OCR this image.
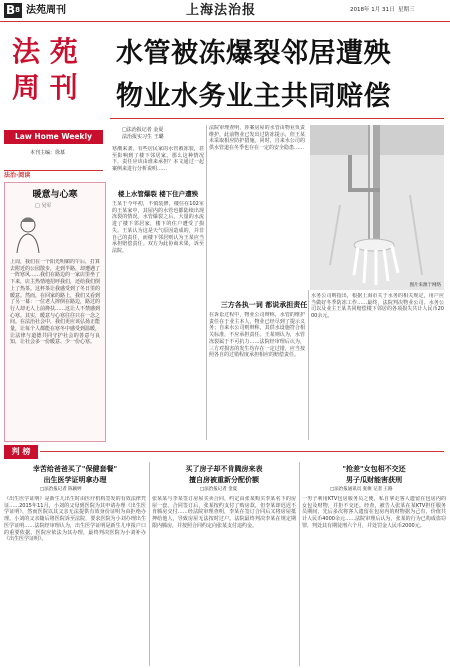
B8 法苑周刊	上海法治报	2018年 1月 31日 星期三
法 苑
周 刊
Law Home Weekly
本刊主编：徐慕
水管被冻爆裂邻居遭殃
物业水务业主共同赔偿
法治·阅读
暖意与心寒
□ 吴军
上周，我们在一个阳光明媚的午后，打算去附近的公园散步，走到半路，却遭遇了一阵寒风……我们在路边的一家店里坐了下来，店主热情地招呼我们，还给我们倒上了热茶。这杯茶让我感受到了冬日里的暖意。然而，在回家的路上，我们又看到了另一幕：一位老人摔倒在路边，路过的行人却无人上前搀扶……这让人不禁感到心寒。其实，暖意与心寒往往只在一念之间。在法治社会中，我们更应该弘扬正能量，让每个人都能在寒冬中感受到温暖，让法律与道德共同守护社会的善意与良知，让社会多一份暖意、少一份心寒。
图片来源于网络
□法治报记者 金夏
法治报实习生 王璐
寒潮来袭，有些居民家的水管被冻裂，甚至影响到了楼下邻居家。那么这种情况下，责任应该由谁来承担？本文通过一起案例来进行分析说明……
楼上水管爆裂 楼下住户遭殃
王某于今年初，不慎装修，楼住在102室的王某家中，其屋内的水管也都陆续出现冻裂的情况。水管爆裂之后，大量的水流进了楼下邻居家，楼下的住户遭受了损失。王某认为这是天气原因造成的，并非自己的责任，而楼下邻居则认为王某应当承担赔偿责任。双方为此协商未果，诉至法院。
法院审理查明，涉案房屋的水管由物业负责维护，此前物业已发出过防冻提示，但王某未采取相应防护措施。同时，自来水公司的供水管道在冬季也存在一定的安全隐患……
三方各执一词 都说承担责任
在诉讼过程中，物业公司辩称，水管的维护责任在于业主本人，物业已经尽到了提示义务；自来水公司则辩称，其供水设施符合相关标准，不应承担责任。王某则认为，水管冻裂属于不可抗力……法院经审理后认为，三方对损害的发生均存在一定过错，应当按照各自的过错程度承担相应的赔偿责任。
水务公司则指出，根据上海市关于水务的相关规定，用户应当做好冬季防冻工作……最终，法院判决物业公司、水务公司以及业主王某共同赔偿楼下邻居的各项损失共计人民币2000余元。
判 榜
幸苦给爸爸买了"保健套餐"
出生医学证明拿办理
□法治报记者 陈颖婷
《出生医学证明》是新生儿出生时由医疗机构签发的有效法律凭证……2015年11月，小刘的父母到医院为其申请办理《出生医学证明》，然而医院以其父亲无法提供有效身份证明为由拒绝办理。小刘的父亲随后将医院诉至法院，要求医院为小刘办理出生医学证明……法院经审理认为，出生医学证明是新生儿申报户口的重要依据，医院应依法为其办理，最终判决医院为小刘补办《出生医学证明》。
买了房子却不肯腾房来表
擅自房被重新分配价额
□法治报记者 金夏
张某某与李某签订房屋买卖合同，约定由张某购买李某名下的房屋一套。合同签订后，张某按约支付了购房款，但李某却迟迟不肯腾房交付……经法院审理查明，李某在签订合同后又将房屋抵押给他人，导致房屋无法按时过户。法院最终判决李某在规定期限内腾房，并按照合同约定向张某支付违约金。
"抢差"女包相不交还
男子瓜财能害获刑
□法治报通讯员 张俊 记者 王路
一男子利用KTV包房服务员之便，私自拿走客人遗留在包房内的女包及财物，并拒不交还。经查，被告人张某在某KTV担任服务员期间，先后多次将客人遗留在包房内的财物据为己有，价值共计人民币4000余元……法院审理后认为，张某的行为已构成盗窃罪，判处其有期徒刑六个月，并处罚金人民币2000元。
